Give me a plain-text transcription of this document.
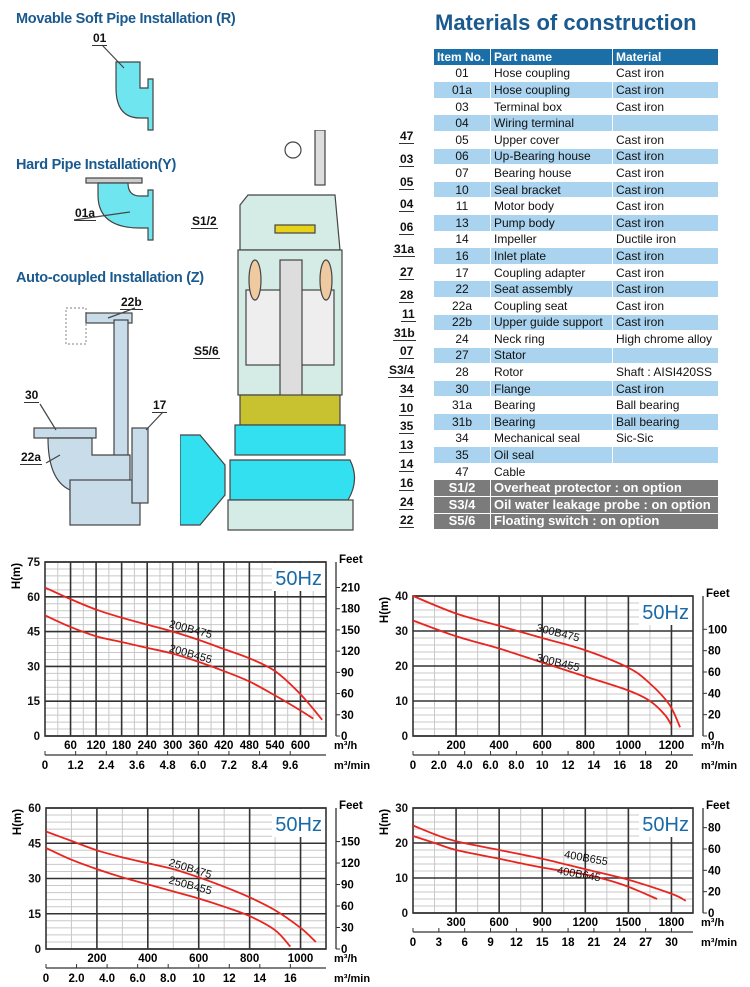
Movable Soft Pipe Installation (R)
01
Hard Pipe Installation(Y)
01a
Auto-coupled Installation (Z)
22b
30
17
22a
47
03
05
04
06
31a
27
28
11
31b
07
S3/4
34
10
35
13
14
16
24
22
S1/2
S5/6
Materials of construction
Item No.	Part name	Material
01	Hose coupling	Cast iron
01a	Hose coupling	Cast iron
03	Terminal box	Cast iron
04	Wiring terminal	
05	Upper cover	Cast iron
06	Up-Bearing house	Cast iron
07	Bearing house	Cast iron
10	Seal bracket	Cast iron
11	Motor body	Cast iron
13	Pump body	Cast iron
14	Impeller	Ductile iron
16	Inlet plate	Cast iron
17	Coupling adapter	Cast iron
22	Seat assembly	Cast iron
22a	Coupling seat	Cast iron
22b	Upper guide support	Cast iron
24	Neck ring	High chrome alloy
27	Stator	
28	Rotor	Shaft : AISI420SS
30	Flange	Cast iron
31a	Bearing	Ball bearing
31b	Bearing	Ball bearing
34	Mechanical seal	Sic-Sic
35	Oil seal	
47	Cable	
S1/2	Overheat protector : on option	
S3/4	Oil water leakage probe : on option	
S5/6	Floating switch : on option	
50Hz
0
15
30
45
60
75
H(m)
Feet
0
30
60
90
120
150
180
210
60 120 180 240 300 360 420 480 540 600 m³/h
0 1.2 2.4 3.6 4.8 6.0 7.2 8.4 9.6	m³/min
200B475
200B455
50Hz
0
10
20
30
40
H(m)
Feet
0
20
40
60
80
100
200 400 600 800 1000 1200 m³/h
0 2.0 4.0 6.0 8.0 10 12 14 16 18 20 m³/min
300B475
300B455
50Hz
0
15
30
45
60
H(m)
Feet
0
30
60
90
120
150
200	400	600	800 1000 m³/h
0 2.0 4.0 6.0 8.0 10 12 14 16	m³/min
250B475
250B455
50Hz
0
10
20
30
H(m)
Feet
0
20
40
60
80
300 600 900 1200 1500 1800 m³/h
0 3 6 9 12 15 18 21 24 27 30 m³/min
400B655
400B645
